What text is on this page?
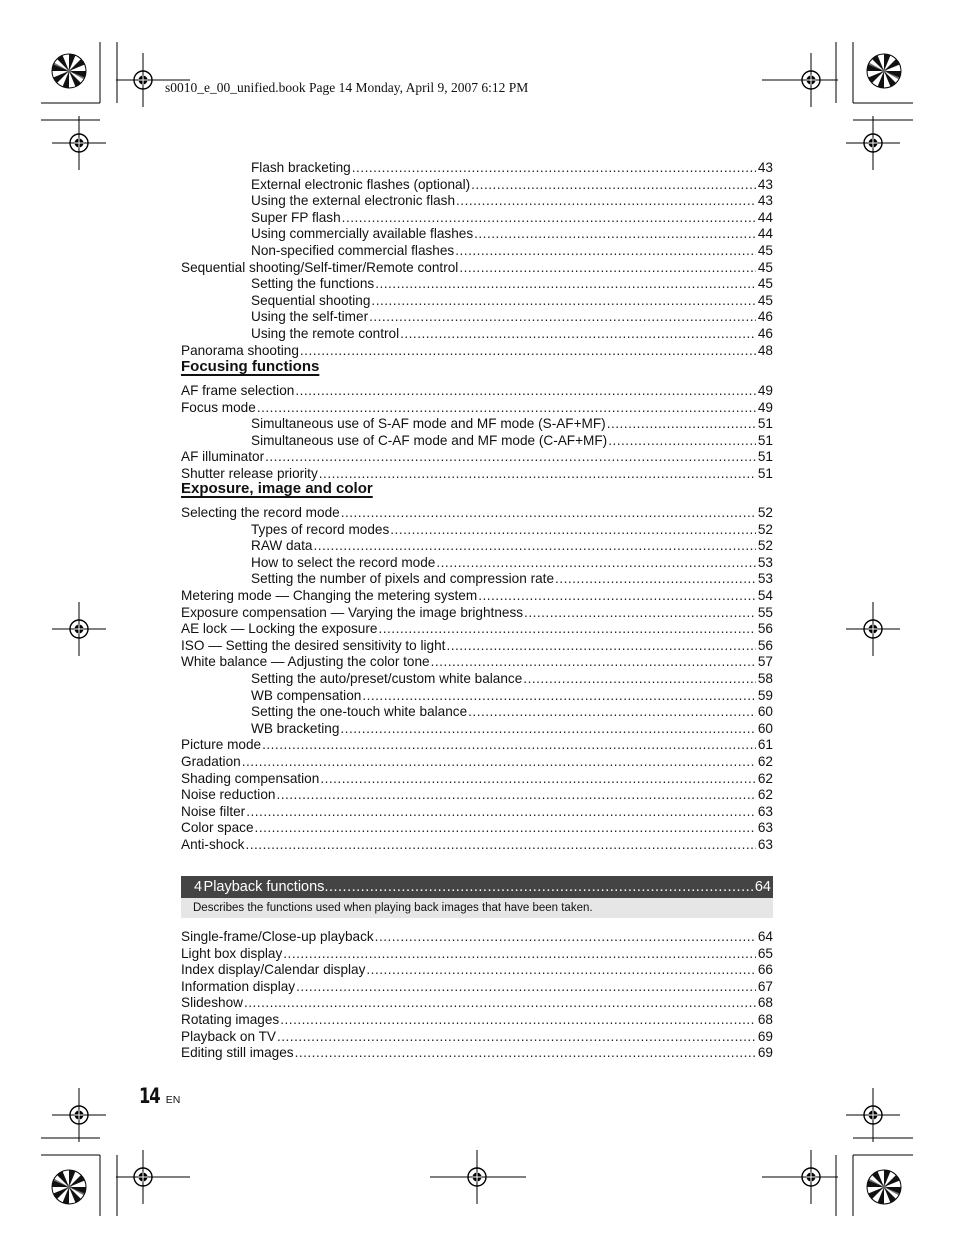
s0010_e_00_unified.book Page 14 Monday, April 9, 2007 6:12 PM
Flash bracketing .....	43
External electronic flashes (optional) .....	43
Using the external electronic flash .....	43
Super FP flash .....	44
Using commercially available flashes .....	44
Non-specified commercial flashes .....	45
Sequential shooting/Self-timer/Remote control .....	45
Setting the functions .....	45
Sequential shooting .....	45
Using the self-timer .....	46
Using the remote control .....	46
Panorama shooting .....	48
Focusing functions
AF frame selection .....	49
Focus mode .....	49
Simultaneous use of S-AF mode and MF mode (S-AF+MF) .....	51
Simultaneous use of C-AF mode and MF mode (C-AF+MF) .....	51
AF illuminator .....	51
Shutter release priority .....	51
Exposure, image and color
Selecting the record mode .....	52
Types of record modes .....	52
RAW data .....	52
How to select the record mode .....	53
Setting the number of pixels and compression rate .....	53
Metering mode — Changing the metering system .....	54
Exposure compensation — Varying the image brightness .....	55
AE lock — Locking the exposure .....	56
ISO — Setting the desired sensitivity to light .....	56
White balance — Adjusting the color tone .....	57
Setting the auto/preset/custom white balance .....	58
WB compensation .....	59
Setting the one-touch white balance .....	60
WB bracketing .....	60
Picture mode .....	61
Gradation .....	62
Shading compensation .....	62
Noise reduction .....	62
Noise filter .....	63
Color space .....	63
Anti-shock .....	63
4 Playback functions .....	64
Describes the functions used when playing back images that have been taken.
Single-frame/Close-up playback .....	64
Light box display .....	65
Index display/Calendar display .....	66
Information display .....	67
Slideshow .....	68
Rotating images .....	68
Playback on TV .....	69
Editing still images .....	69
14 EN
